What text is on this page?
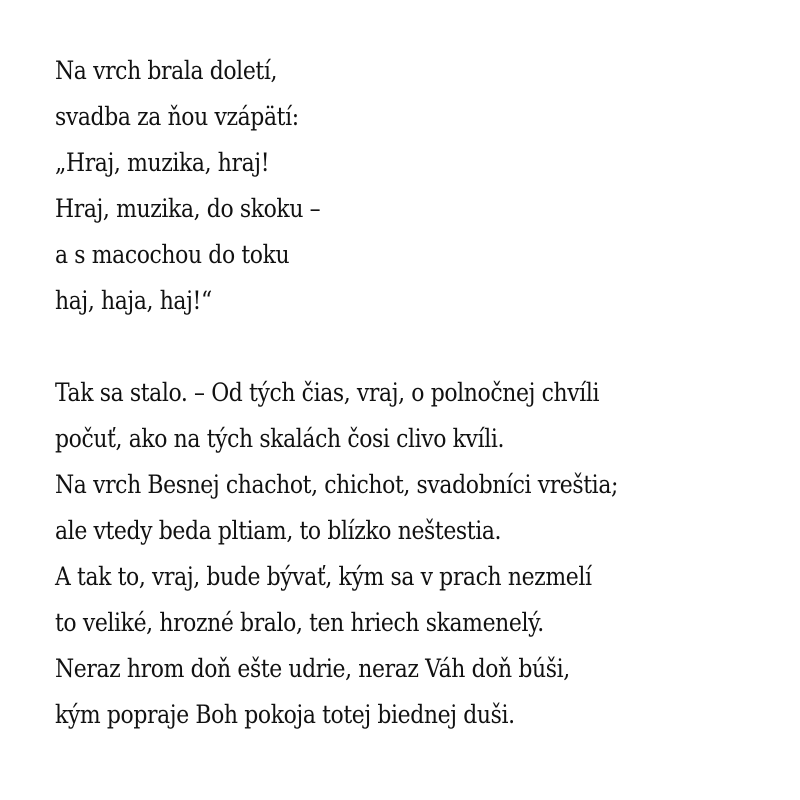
Na vrch brala doletí,
svadba za ňou vzápätí:
„Hraj, muzika, hraj!
Hraj, muzika, do skoku –
a s macochou do toku
haj, haja, haj!“

Tak sa stalo. – Od tých čias, vraj, o polnočnej chvíli
počuť, ako na tých skalách čosi clivo kvíli.
Na vrch Besnej chachot, chichot, svadobníci vreštia;
ale vtedy beda pltiam, to blízko neštestia.
A tak to, vraj, bude bývať, kým sa v prach nezmelí
to veliké, hrozné bralo, ten hriech skamenelý.
Neraz hrom doň ešte udrie, neraz Váh doň búši,
kým popraje Boh pokoja totej biednej duši.
